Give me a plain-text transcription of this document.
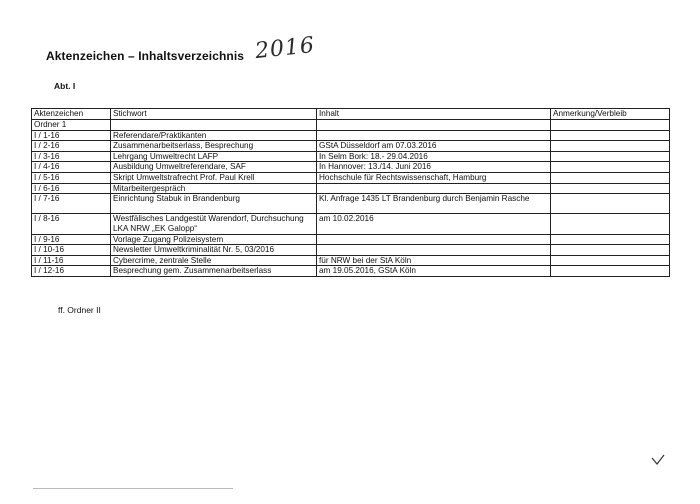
Aktenzeichen – Inhaltsverzeichnis 2016
Abt. I
Aktenzeichen	Stichwort	Inhalt	Anmerkung/Verbleib
Ordner 1			
I / 1-16	Referendare/Praktikanten		
I / 2-16	Zusammenarbeitserlass, Besprechung	GStA Düsseldorf am 07.03.2016	
I / 3-16	Lehrgang Umweltrecht LAFP	In Selm Bork: 18.- 29.04.2016	
I / 4-16	Ausbildung Umweltreferendare, SAF	In Hannover: 13./14. Juni 2016	
I / 5-16	Skript Umweltstrafrecht Prof. Paul Krell	Hochschule für Rechtswissenschaft, Hamburg	
I / 6-16	Mitarbeitergespräch		
I / 7-16	Einrichtung Stabuk in Brandenburg	Kl. Anfrage 1435 LT Brandenburg durch Benjamin Rasche	
I / 8-16	Westfälisches Landgestüt Warendorf, Durchsuchung LKA NRW „EK Galopp“	am 10.02.2016	
I / 9-16	Vorlage Zugang Polizeisystem		
I / 10-16	Newsletter Umweltkriminalität Nr. 5, 03/2016		
I / 11-16	Cybercrime, zentrale Stelle	für NRW bei der StA Köln	
I / 12-16	Besprechung gem. Zusammenarbeitserlass	am 19.05.2016, GStA Köln	
ff. Ordner II
